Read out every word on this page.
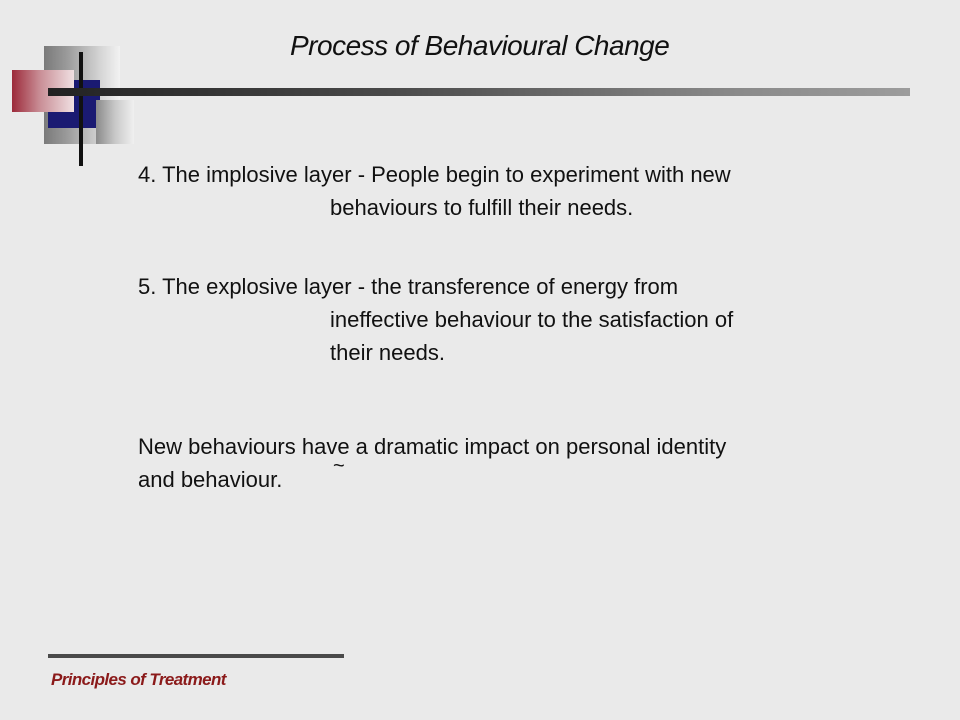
Process of Behavioural Change
4. The implosive layer - People begin to experiment with new
behaviours to fulfill their needs.
5. The explosive layer - the transference of energy from
ineffective behaviour to the satisfaction of
their needs.
New behaviours have a dramatic impact on personal identity
and behaviour.
~
Principles of Treatment
